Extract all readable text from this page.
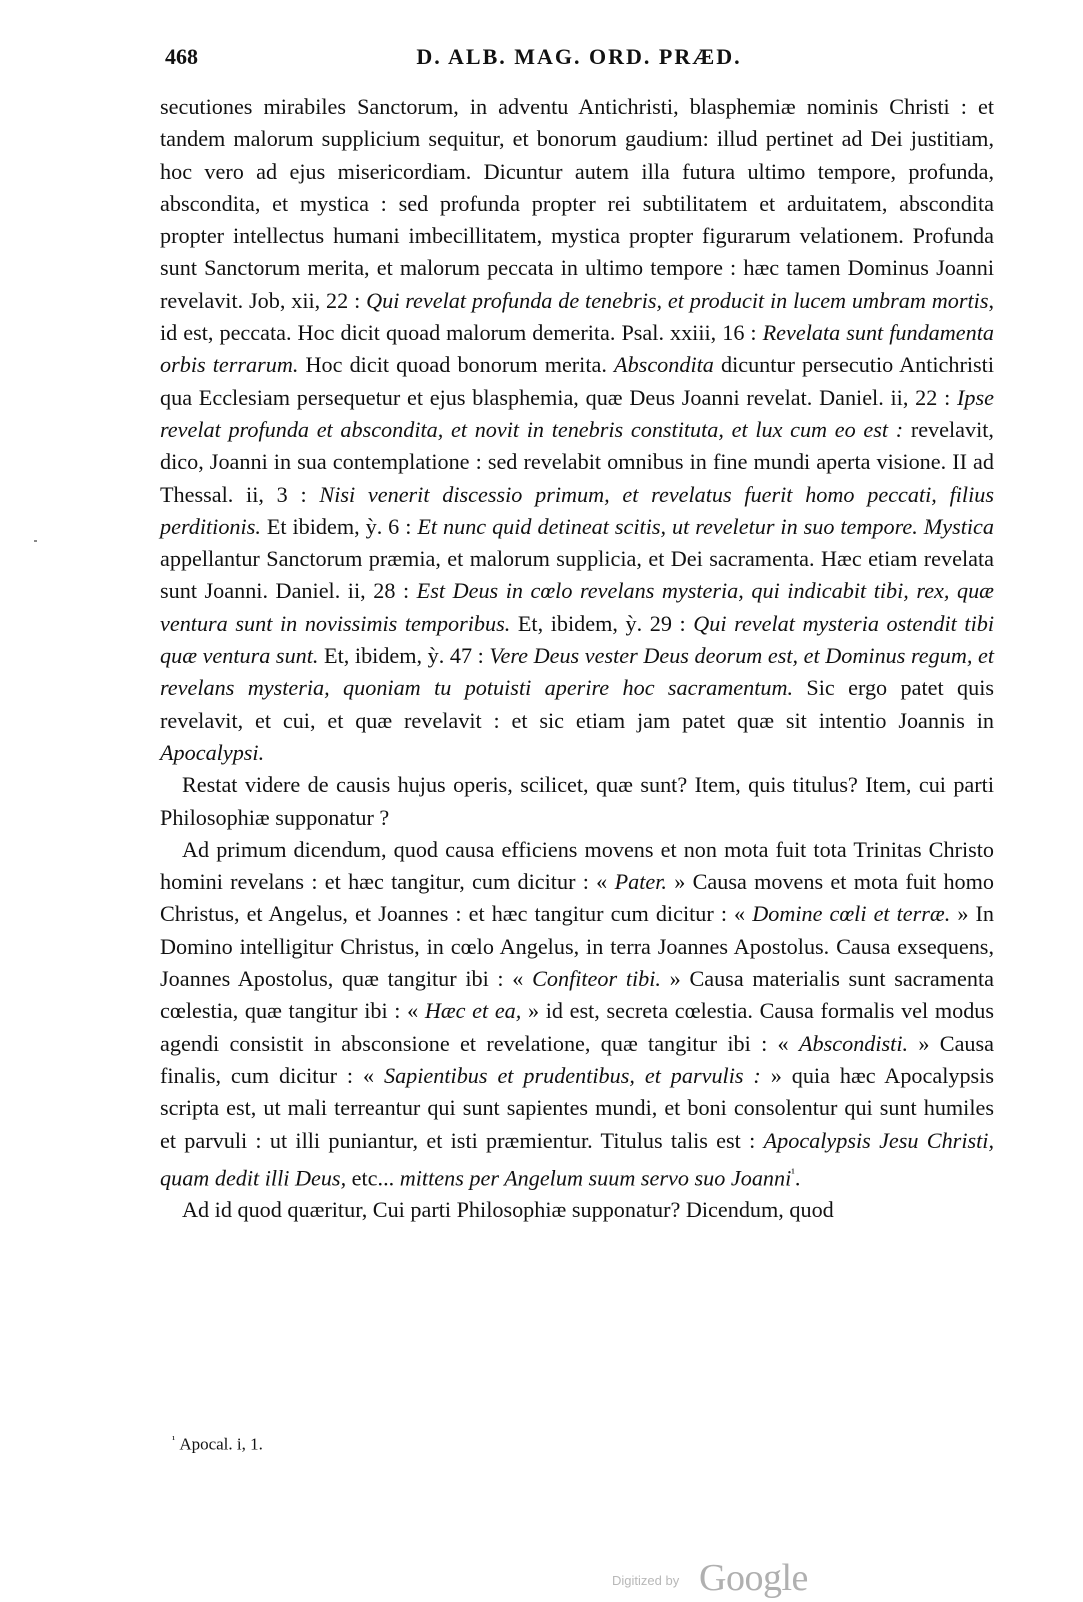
468	D. ALB. MAG. ORD. PRÆD.

secutiones mirabiles Sanctorum, in adventu Antichristi, blasphemiæ nominis Christi : et tandem malorum supplicium sequitur, et bonorum gaudium: illud pertinet ad Dei justitiam, hoc vero ad ejus misericordiam. Dicuntur autem illa futura ultimo tempore, profunda, abscondita, et mystica : sed profunda propter rei subtilitatem et arduitatem, abscondita propter intellectus humani imbecillitatem, mystica propter figurarum velationem. Profunda sunt Sanctorum merita, et malorum peccata in ultimo tempore : hæc tamen Dominus Joanni revelavit. Job, xii, 22 : Qui revelat profunda de tenebris, et producit in lucem umbram mortis, id est, peccata. Hoc dicit quoad malorum demerita. Psal. xxiii, 16 : Revelata sunt fundamenta orbis terrarum. Hoc dicit quoad bonorum merita. Abscondita dicuntur persecutio Antichristi qua Ecclesiam persequetur et ejus blasphemia, quæ Deus Joanni revelat. Daniel. ii, 22 : Ipse revelat profunda et abscondita, et novit in tenebris constituta, et lux cum eo est : revelavit, dico, Joanni in sua contemplatione : sed revelabit omnibus in fine mundi aperta visione. II ad Thessal. ii, 3 : Nisi venerit discessio primum, et revelatus fuerit homo peccati, filius perditionis. Et ibidem, ỳ. 6 : Et nunc quid detineat scitis, ut reveletur in suo tempore. Mystica appellantur Sanctorum præmia, et malorum supplicia, et Dei sacramenta. Hæc etiam revelata sunt Joanni. Daniel. ii, 28 : Est Deus in cœlo revelans mysteria, qui indicabit tibi, rex, quæ ventura sunt in novissimis temporibus. Et, ibidem, ỳ. 29 : Qui revelat mysteria ostendit tibi quæ ventura sunt. Et, ibidem, ỳ. 47 : Vere Deus vester Deus deorum est, et Dominus regum, et revelans mysteria, quoniam tu potuisti aperire hoc sacramentum. Sic ergo patet quis revelavit, et cui, et quæ revelavit : et sic etiam jam patet quæ sit intentio Joannis in Apocalypsi.

Restat videre de causis hujus operis, scilicet, quæ sunt? Item, quis titulus? Item, cui parti Philosophiæ supponatur ?

Ad primum dicendum, quod causa efficiens movens et non mota fuit tota Trinitas Christo homini revelans : et hæc tangitur, cum dicitur : « Pater. » Causa movens et mota fuit homo Christus, et Angelus, et Joannes : et hæc tangitur cum dicitur : « Domine cœli et terræ. » In Domino intelligitur Christus, in cœlo Angelus, in terra Joannes Apostolus. Causa exsequens, Joannes Apostolus, quæ tangitur ibi : « Confiteor tibi. » Causa materialis sunt sacramenta cœlestia, quæ tangitur ibi : « Hæc et ea, » id est, secreta cœlestia. Causa formalis vel modus agendi consistit in absconsione et revelatione, quæ tangitur ibi : « Abscondisti. » Causa finalis, cum dicitur : « Sapientibus et prudentibus, et parvulis : » quia hæc Apocalypsis scripta est, ut mali terreantur qui sunt sapientes mundi, et boni consolentur qui sunt humiles et parvuli : ut illi puniantur, et isti præmientur. Titulus talis est : Apocalypsis Jesu Christi, quam dedit illi Deus, etc... mittens per Angelum suum servo suo Joanni$^{^1}$.

Ad id quod quæritur, Cui parti Philosophiæ supponatur? Dicendum, quod

$^{^1}$ Apocal. i, 1.
Digitized by Google
